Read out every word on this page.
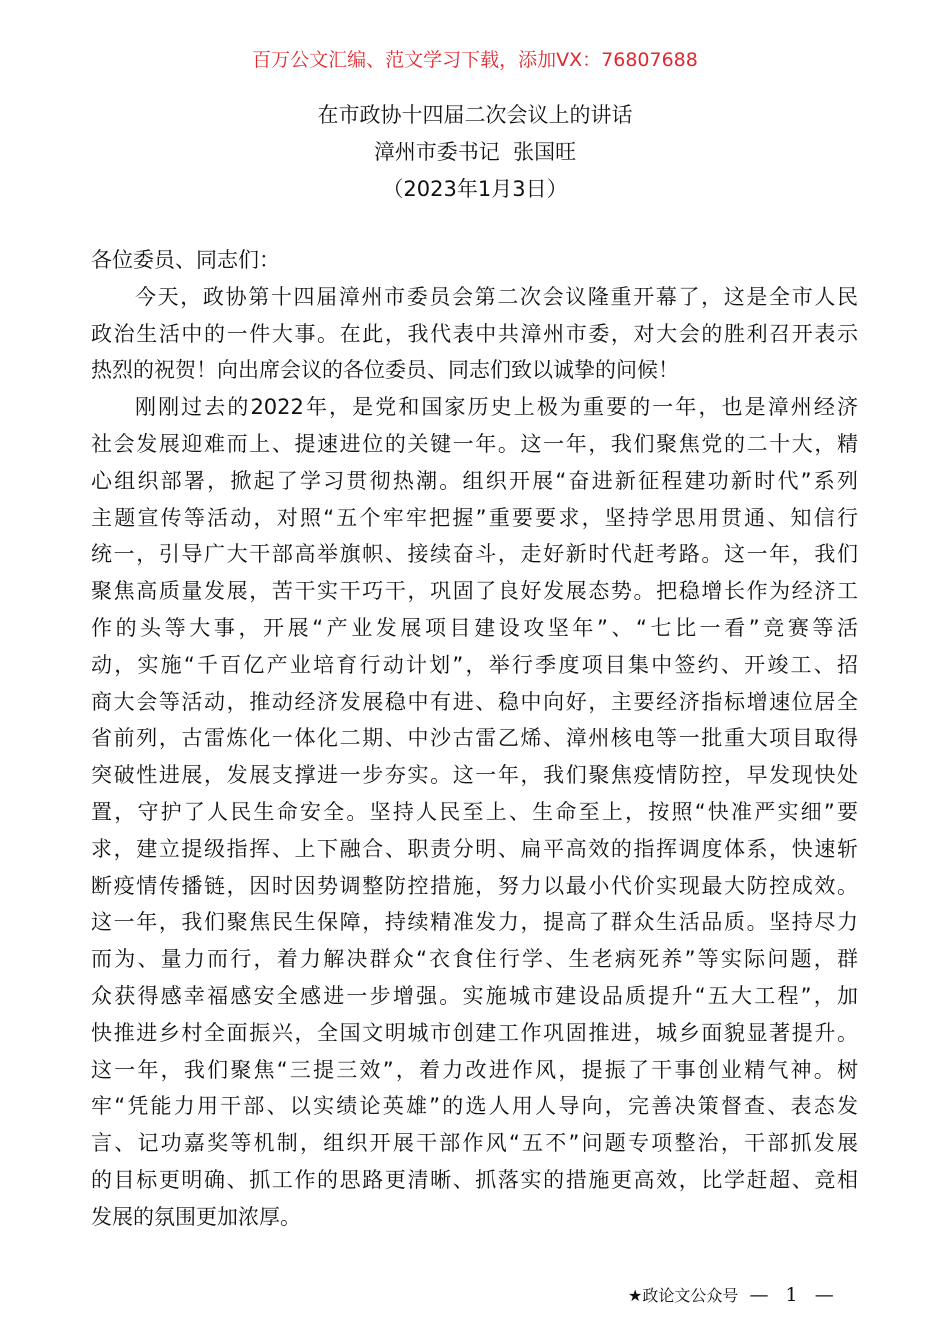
百万公文汇编、范文学习下载，添加VX：76807688
在市政协十四届二次会议上的讲话
漳州市委书记  张国旺
（2023年1月3日）
各位委员、同志们：
今天，政协第十四届漳州市委员会第二次会议隆重开幕了，这是全市人民
政治生活中的一件大事。在此，我代表中共漳州市委，对大会的胜利召开表示
热烈的祝贺！向出席会议的各位委员、同志们致以诚挚的问候！
刚刚过去的2022年，是党和国家历史上极为重要的一年，也是漳州经济
社会发展迎难而上、提速进位的关键一年。这一年，我们聚焦党的二十大，精
心组织部署，掀起了学习贯彻热潮。组织开展“奋进新征程建功新时代”系列
主题宣传等活动，对照“五个牢牢把握”重要要求，坚持学思用贯通、知信行
统一，引导广大干部高举旗帜、接续奋斗，走好新时代赶考路。这一年，我们
聚焦高质量发展，苦干实干巧干，巩固了良好发展态势。把稳增长作为经济工
作的头等大事，开展“产业发展项目建设攻坚年”、“七比一看”竞赛等活
动，实施“千百亿产业培育行动计划”，举行季度项目集中签约、开竣工、招
商大会等活动，推动经济发展稳中有进、稳中向好，主要经济指标增速位居全
省前列，古雷炼化一体化二期、中沙古雷乙烯、漳州核电等一批重大项目取得
突破性进展，发展支撑进一步夯实。这一年，我们聚焦疫情防控，早发现快处
置，守护了人民生命安全。坚持人民至上、生命至上，按照“快准严实细”要
求，建立提级指挥、上下融合、职责分明、扁平高效的指挥调度体系，快速斩
断疫情传播链，因时因势调整防控措施，努力以最小代价实现最大防控成效。
这一年，我们聚焦民生保障，持续精准发力，提高了群众生活品质。坚持尽力
而为、量力而行，着力解决群众“衣食住行学、生老病死养”等实际问题，群
众获得感幸福感安全感进一步增强。实施城市建设品质提升“五大工程”，加
快推进乡村全面振兴，全国文明城市创建工作巩固推进，城乡面貌显著提升。
这一年，我们聚焦“三提三效”，着力改进作风，提振了干事创业精气神。树
牢“凭能力用干部、以实绩论英雄”的选人用人导向，完善决策督查、表态发
言、记功嘉奖等机制，组织开展干部作风“五不”问题专项整治，干部抓发展
的目标更明确、抓工作的思路更清晰、抓落实的措施更高效，比学赶超、竞相
发展的氛围更加浓厚。
★政论文公众号 — 1 —
